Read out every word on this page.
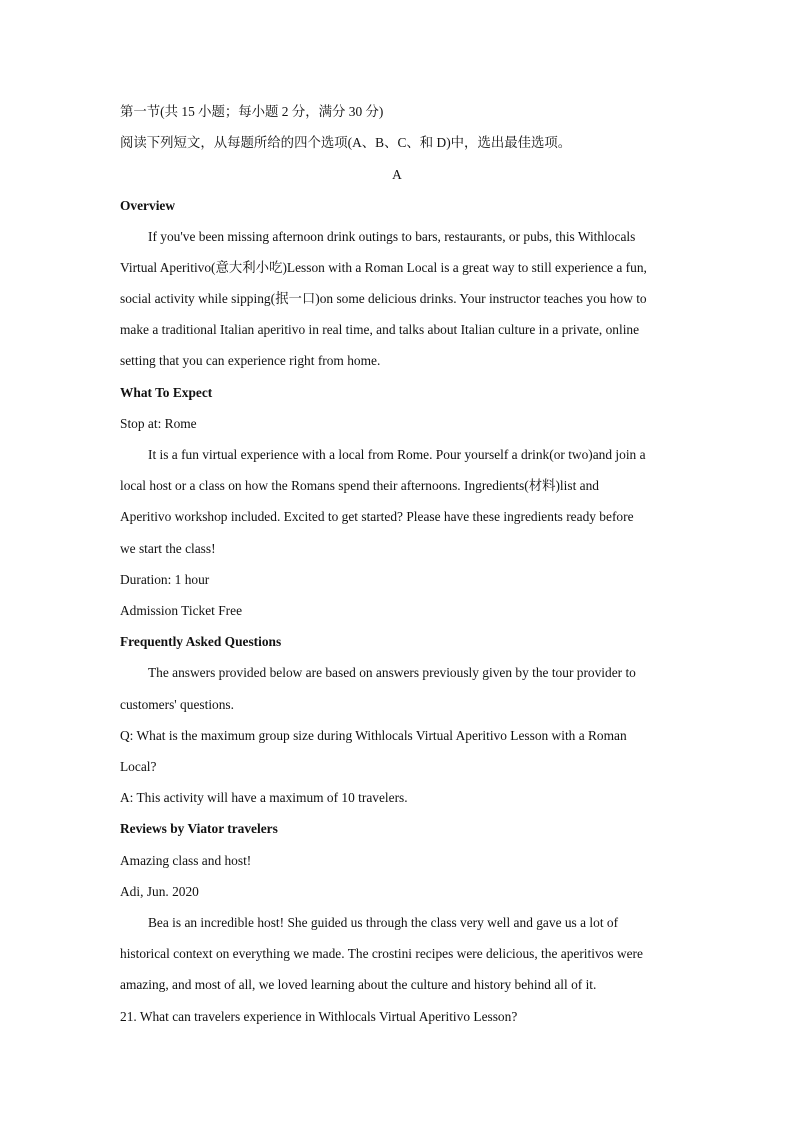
第一节(共 15 小题；每小题 2 分，满分 30 分)
阅读下列短文，从每题所给的四个选项(A、B、C、和 D)中，选出最佳选项。
A
Overview
If you've been missing afternoon drink outings to bars, restaurants, or pubs, this Withlocals
Virtual Aperitivo(意大利小吃)Lesson with a Roman Local is a great way to still experience a fun,
social activity while sipping(抿一口)on some delicious drinks. Your instructor teaches you how to
make a traditional Italian aperitivo in real time, and talks about Italian culture in a private, online
setting that you can experience right from home.
What To Expect
Stop at: Rome
It is a fun virtual experience with a local from Rome. Pour yourself a drink(or two)and join a
local host or a class on how the Romans spend their afternoons. Ingredients(材料)list and
Aperitivo workshop included. Excited to get started? Please have these ingredients ready before
we start the class!
Duration: 1 hour
Admission Ticket Free
Frequently Asked Questions
The answers provided below are based on answers previously given by the tour provider to
customers' questions.
Q: What is the maximum group size during Withlocals Virtual Aperitivo Lesson with a Roman
Local?
A: This activity will have a maximum of 10 travelers.
Reviews by Viator travelers
Amazing class and host!
Adi, Jun. 2020
Bea is an incredible host! She guided us through the class very well and gave us a lot of
historical context on everything we made. The crostini recipes were delicious, the aperitivos were
amazing, and most of all, we loved learning about the culture and history behind all of it.
21. What can travelers experience in Withlocals Virtual Aperitivo Lesson?
